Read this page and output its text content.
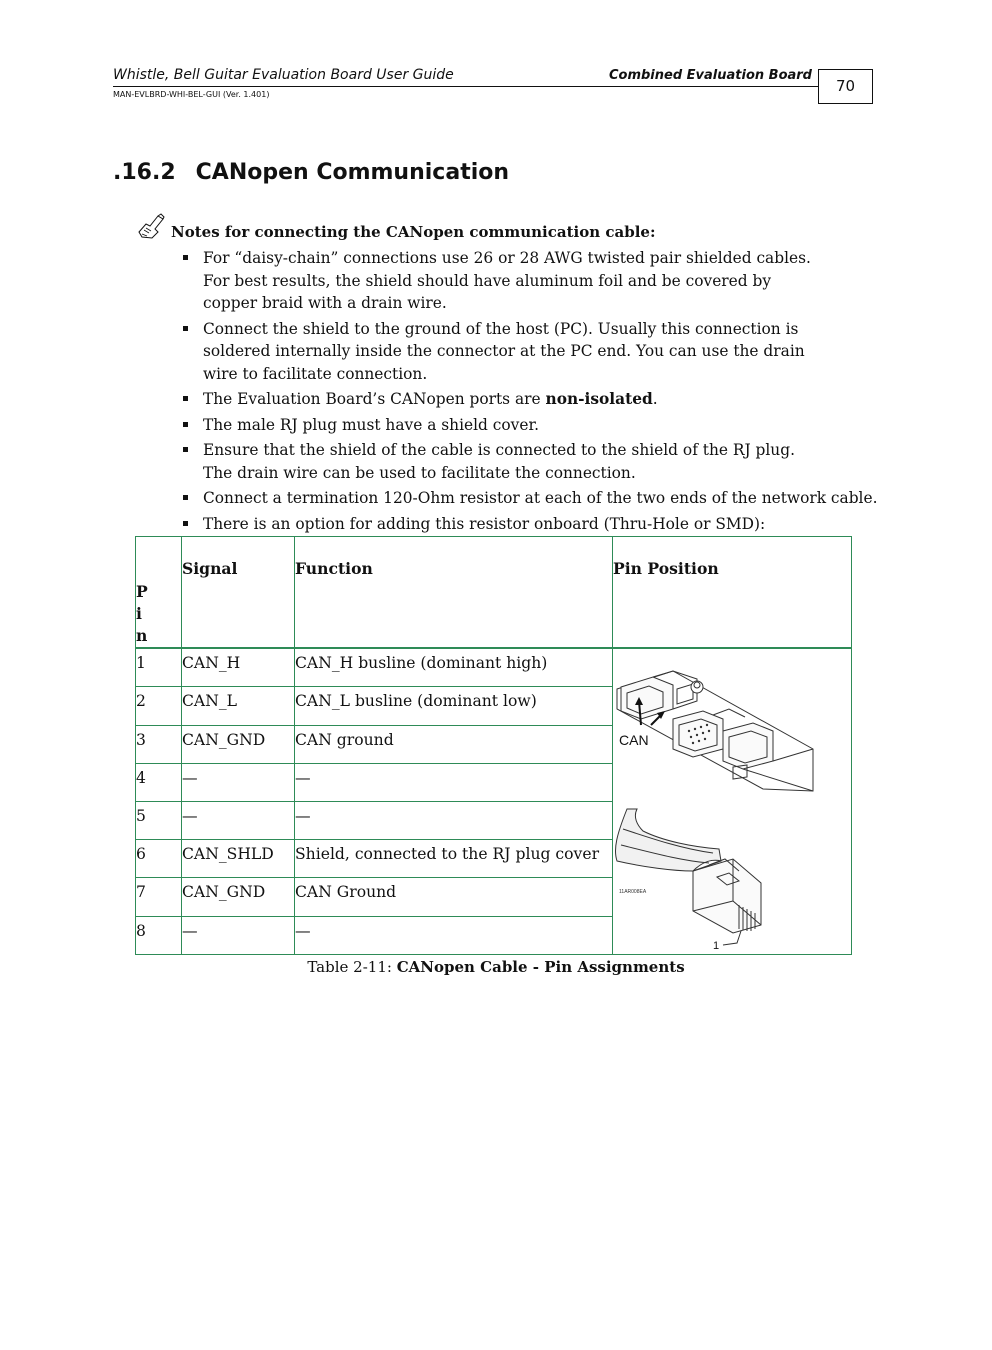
Whistle, Bell Guitar Evaluation Board User Guide	Combined Evaluation Board
MAN-EVLBRD-WHI-BEL-GUI (Ver. 1.401)	70
.16.2 CANopen Communication
Notes for connecting the CANopen communication cable:
For “daisy-chain” connections use 26 or 28 AWG twisted pair shielded cables.
For best results, the shield should have aluminum foil and be covered by
copper braid with a drain wire.
Connect the shield to the ground of the host (PC). Usually this connection is
soldered internally inside the connector at the PC end. You can use the drain
wire to facilitate connection.
The Evaluation Board’s CANopen ports are non-isolated.
The male RJ plug must have a shield cover.
Ensure that the shield of the cable is connected to the shield of the RJ plug.
The drain wire can be used to facilitate the connection.
Connect a termination 120-Ohm resistor at each of the two ends of the network cable.
There is an option for adding this resistor onboard (Thru-Hole or SMD):
P
i
n	Signal	Function	Pin Position
1	CAN_H	CAN_H busline (dominant high)	CAN
11AR008EA
1

2	CAN_L	CAN_L busline (dominant low)	
3	CAN_GND	CAN ground	
4	—	—	
5	—	—	
6	CAN_SHLD	Shield, connected to the RJ plug cover	
7	CAN_GND	CAN Ground	
8	—	—	
Table 2-11: CANopen Cable - Pin Assignments
